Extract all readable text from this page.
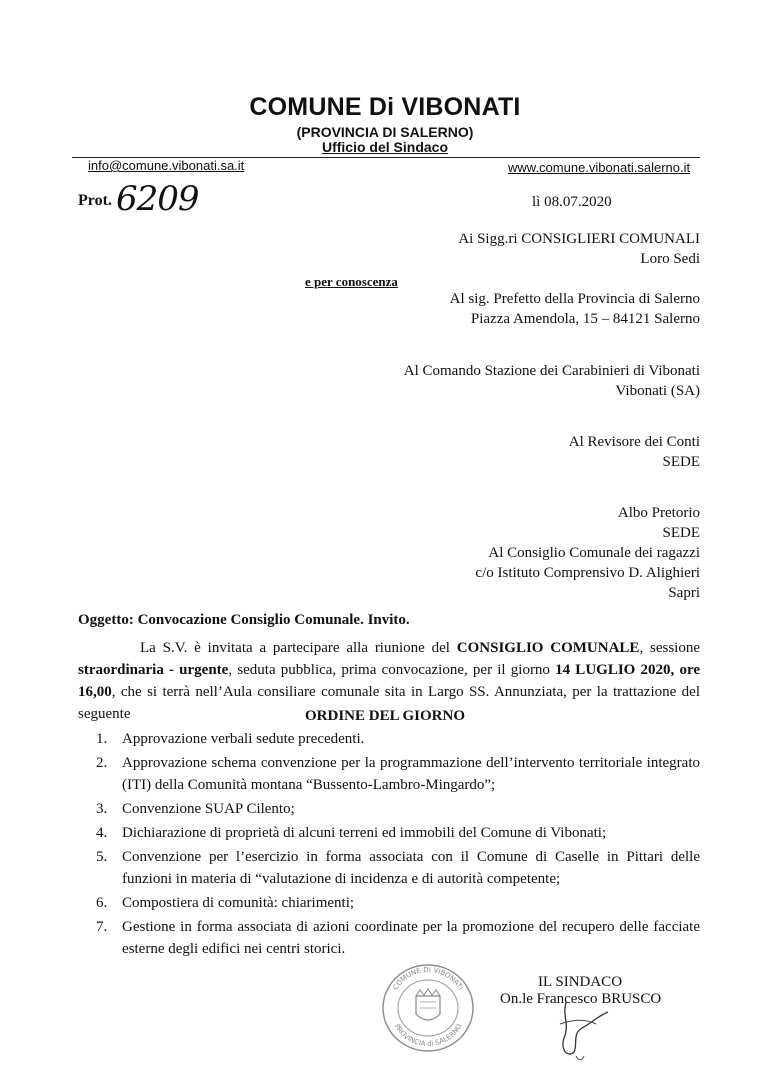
COMUNE Di VIBONATI
(PROVINCIA DI SALERNO)
Ufficio del Sindaco
info@comune.vibonati.sa.it	www.comune.vibonati.salerno.it
Prot. 6209	lì 08.07.2020
Ai Sigg.ri CONSIGLIERI COMUNALI
Loro Sedi
e per conoscenza
Al sig. Prefetto della Provincia di Salerno
Piazza Amendola, 15 – 84121 Salerno
Al Comando Stazione dei Carabinieri di Vibonati
Vibonati (SA)
Al Revisore dei Conti
SEDE
Albo Pretorio
SEDE
Al Consiglio Comunale dei ragazzi
c/o Istituto Comprensivo D. Alighieri
Sapri
Oggetto: Convocazione Consiglio Comunale. Invito.

La S.V. è invitata a partecipare alla riunione del CONSIGLIO COMUNALE, sessione straordinaria - urgente, seduta pubblica, prima convocazione, per il giorno 14 LUGLIO 2020, ore 16,00, che si terrà nell’Aula consiliare comunale sita in Largo SS. Annunziata, per la trattazione del seguente	ORDINE DEL GIORNO
1. Approvazione verbali sedute precedenti.
2. Approvazione schema convenzione per la programmazione dell’intervento territoriale integrato (ITI) della Comunità montana “Bussento-Lambro-Mingardo”;
3. Convenzione SUAP Cilento;
4. Dichiarazione di proprietà di alcuni terreni ed immobili del Comune di Vibonati;
5. Convenzione per l’esercizio in forma associata con il Comune di Caselle in Pittari delle funzioni in materia di “valutazione di incidenza e di autorità competente;
6. Compostiera di comunità: chiarimenti;
7. Gestione in forma associata di azioni coordinate per la promozione del recupero delle facciate esterne degli edifici nei centri storici.
COMUNE DI VIBONATI
PROVINCIA di SALERNO
IL SINDACO
On.le Francesco BRUSCO
